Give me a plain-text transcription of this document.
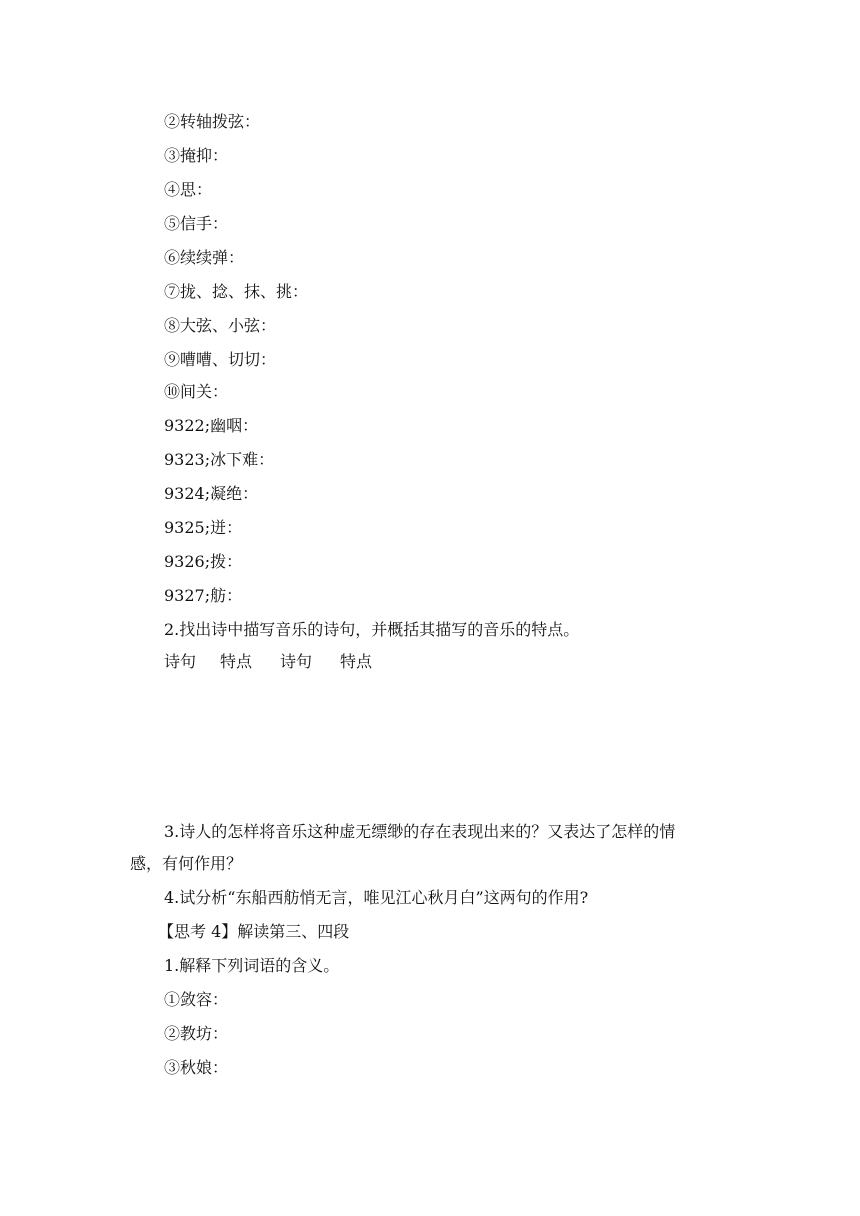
②转轴拨弦：
③掩抑：
④思：
⑤信手：
⑥续续弹：
⑦拢、捻、抹、挑：
⑧大弦、小弦：
⑨嘈嘈、切切：
⑩间关：
9322;幽咽：
9323;冰下难：
9324;凝绝：
9325;迸：
9326;拨：
9327;舫：
2.找出诗中描写音乐的诗句，并概括其描写的音乐的特点。
诗句 特点 诗句 特点
3.诗人的怎样将音乐这种虚无缥缈的存在表现出来的？又表达了怎样的情
感，有何作用？
4.试分析“东船西舫悄无言，唯见江心秋月白”这两句的作用?
【思考 4】解读第三、四段
1.解释下列词语的含义。
①敛容：
②教坊：
③秋娘：
